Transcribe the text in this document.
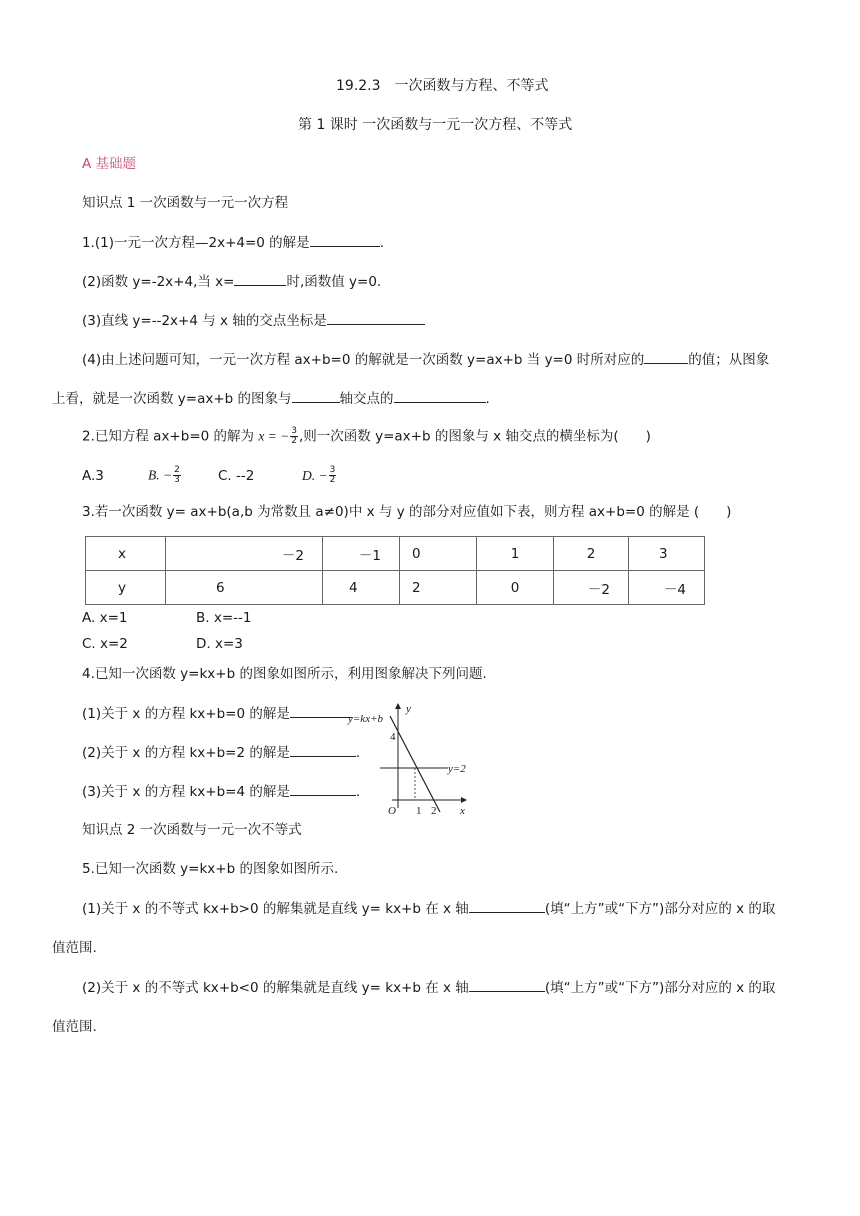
19.2.3　一次函数与方程、不等式
第 1 课时 一次函数与一元一次方程、不等式
A 基础题
知识点 1 一次函数与一元一次方程
1.(1)一元一次方程—2x+4=0 的解是	.
(2)函数 y=-2x+4,当 x=	时,函数值 y=0.
(3)直线 y=--2x+4 与 x 轴的交点坐标是
(4)由上述问题可知，一元一次方程 ax+b=0 的解就是一次函数 y=ax+b 当 y=0 时所对应的	的值；从图象
上看，就是一次函数 y=ax+b 的图象与	轴交点的	.
2.已知方程 ax+b=0 的解为 x = − $\frac{3}{2}$ ,则一次函数 y=ax+b 的图象与 x 轴交点的横坐标为(　　)
A.3	B. − $\frac{2}{3}$	C. --2	D. − $\frac{3}{2}$
3.若一次函数 y= ax+b(a,b 为常数且 a≠0)中 x 与 y 的部分对应值如下表，则方程 ax+b=0 的解是 (　　)
x	－2	－1	0	1	2	3
y	6	4	2	0	－2	－4
A. x=1	B. x=--1
C. x=2	D. x=3
4.已知一次函数 y=kx+b 的图象如图所示，利用图象解决下列问题.
(1)关于 x 的方程 kx+b=0 的解是
(2)关于 x 的方程 kx+b=2 的解是	.
(3)关于 x 的方程 kx+b=4 的解是	.
y=kx+b
y=2
y
x
O
4
1 2
知识点 2 一次函数与一元一次不等式
5.已知一次函数 y=kx+b 的图象如图所示.
(1)关于 x 的不等式 kx+b>0 的解集就是直线 y= kx+b 在 x 轴	(填“上方”或“下方”)部分对应的 x 的取
值范围.
(2)关于 x 的不等式 kx+b<0 的解集就是直线 y= kx+b 在 x 轴	(填“上方”或“下方”)部分对应的 x 的取
值范围.
